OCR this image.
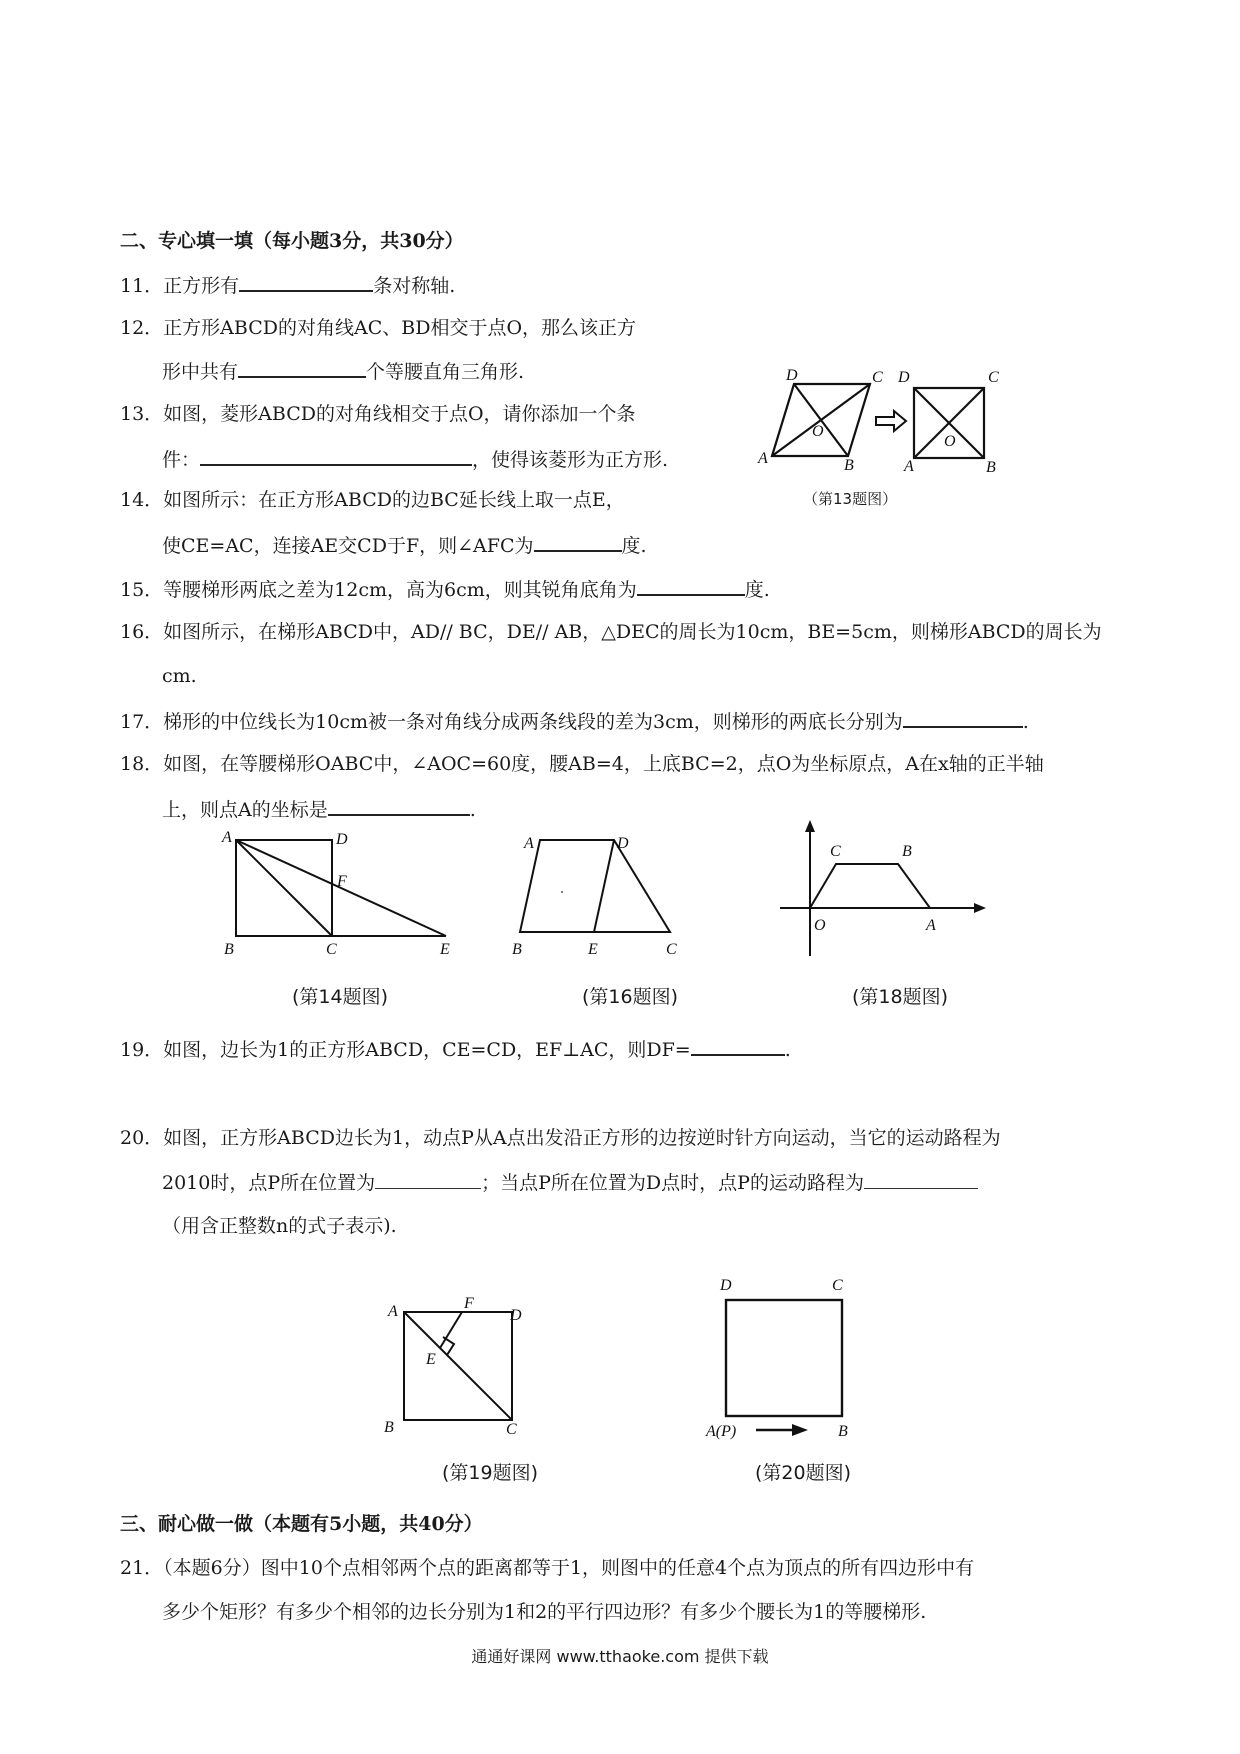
二、专心填一填（每小题3分，共30分）
11．正方形有	条对称轴.
12．正方形ABCD的对角线AC、BD相交于点O，那么该正方
形中共有	个等腰直角三角形.
13．如图，菱形ABCD的对角线相交于点O，请你添加一个条
件：	，使得该菱形为正方形.
D	C
A	B
O
D	C
A	B
O
（第13题图）
14．如图所示：在正方形ABCD的边BC延长线上取一点E，
使CE=AC，连接AE交CD于F，则∠AFC为	度.
15．等腰梯形两底之差为12cm，高为6cm，则其锐角底角为	度.
16．如图所示，在梯形ABCD中，AD// BC，DE// AB，△DEC的周长为10cm，BE=5cm，则梯形ABCD的周长为
cm.
17．梯形的中位线长为10cm被一条对角线分成两条线段的差为3cm，则梯形的两底长分别为	.
18．如图，在等腰梯形OABC中，∠AOC=60度，腰AB=4，上底BC=2，点O为坐标原点，A在x轴的正半轴
上，则点A的坐标是	.
A	D
F
B	C	E
A	D
B	E	C
C	B
O	A
(第14题图)	(第16题图)	(第18题图)
19．如图，边长为1的正方形ABCD，CE=CD，EF⊥AC，则DF=	.
20．如图，正方形ABCD边长为1，动点P从A点出发沿正方形的边按逆时针方向运动，当它的运动路程为
2010时，点P所在位置为	；当点P所在位置为D点时，点P的运动路程为
（用含正整数n的式子表示).
A	F
D
E
B	C
D	C
A(P)	B
(第19题图)	(第20题图)
三、耐心做一做（本题有5小题，共40分）
21．（本题6分）图中10个点相邻两个点的距离都等于1，则图中的任意4个点为顶点的所有四边形中有
多少个矩形？有多少个相邻的边长分别为1和2的平行四边形？有多少个腰长为1的等腰梯形.
通通好课网 www.tthaoke.com 提供下载
